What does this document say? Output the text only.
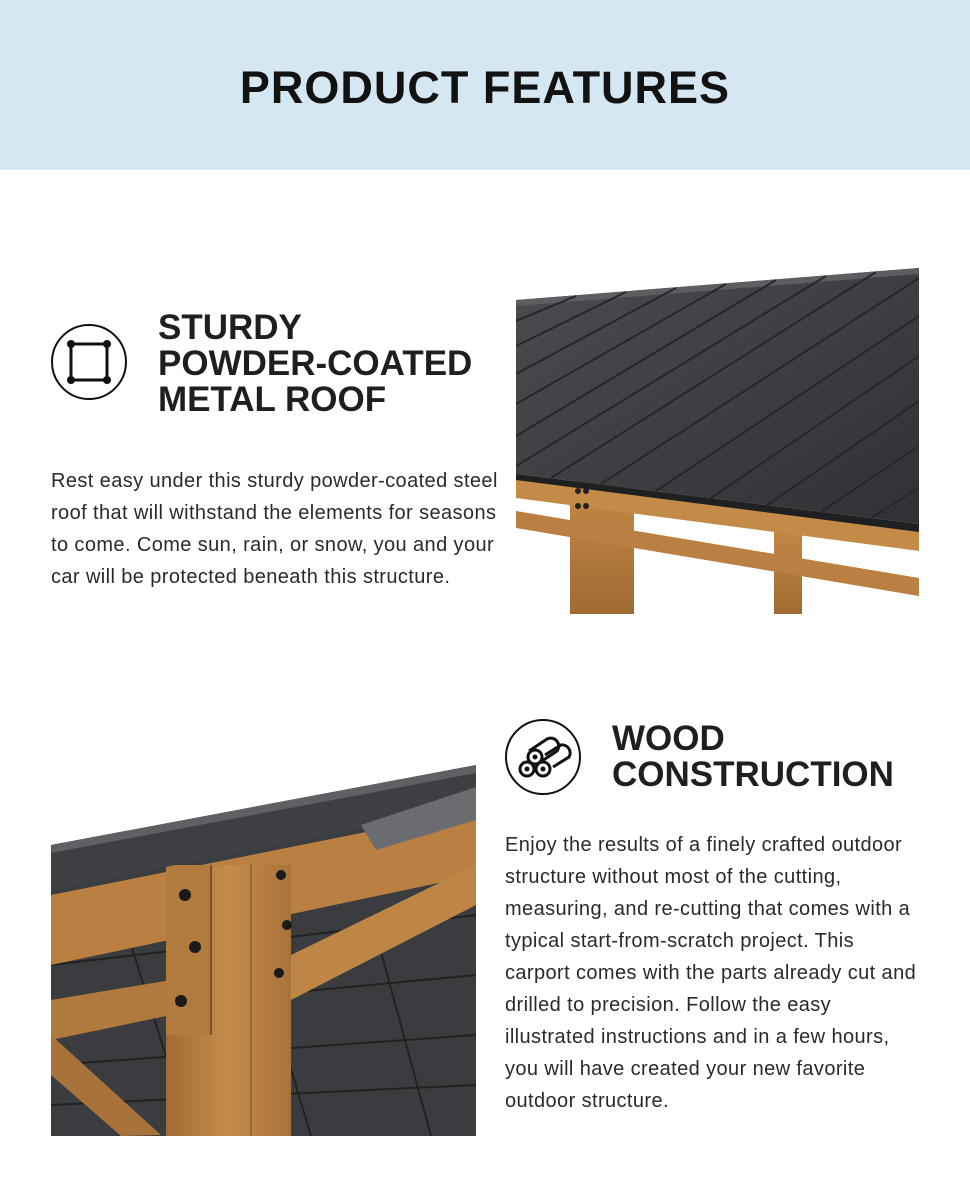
PRODUCT FEATURES
STURDY
POWDER-COATED
METAL ROOF

Rest easy under this sturdy powder-coated steel roof that will withstand the elements for seasons to come. Come sun, rain, or snow, you and your car will be protected beneath this structure.

WOOD
CONSTRUCTION

Enjoy the results of a finely crafted outdoor structure without most of the cutting, measuring, and re-cutting that comes with a typical start-from-scratch project. This carport comes with the parts already cut and drilled to precision. Follow the easy illustrated instructions and in a few hours, you will have created your new favorite outdoor structure.
